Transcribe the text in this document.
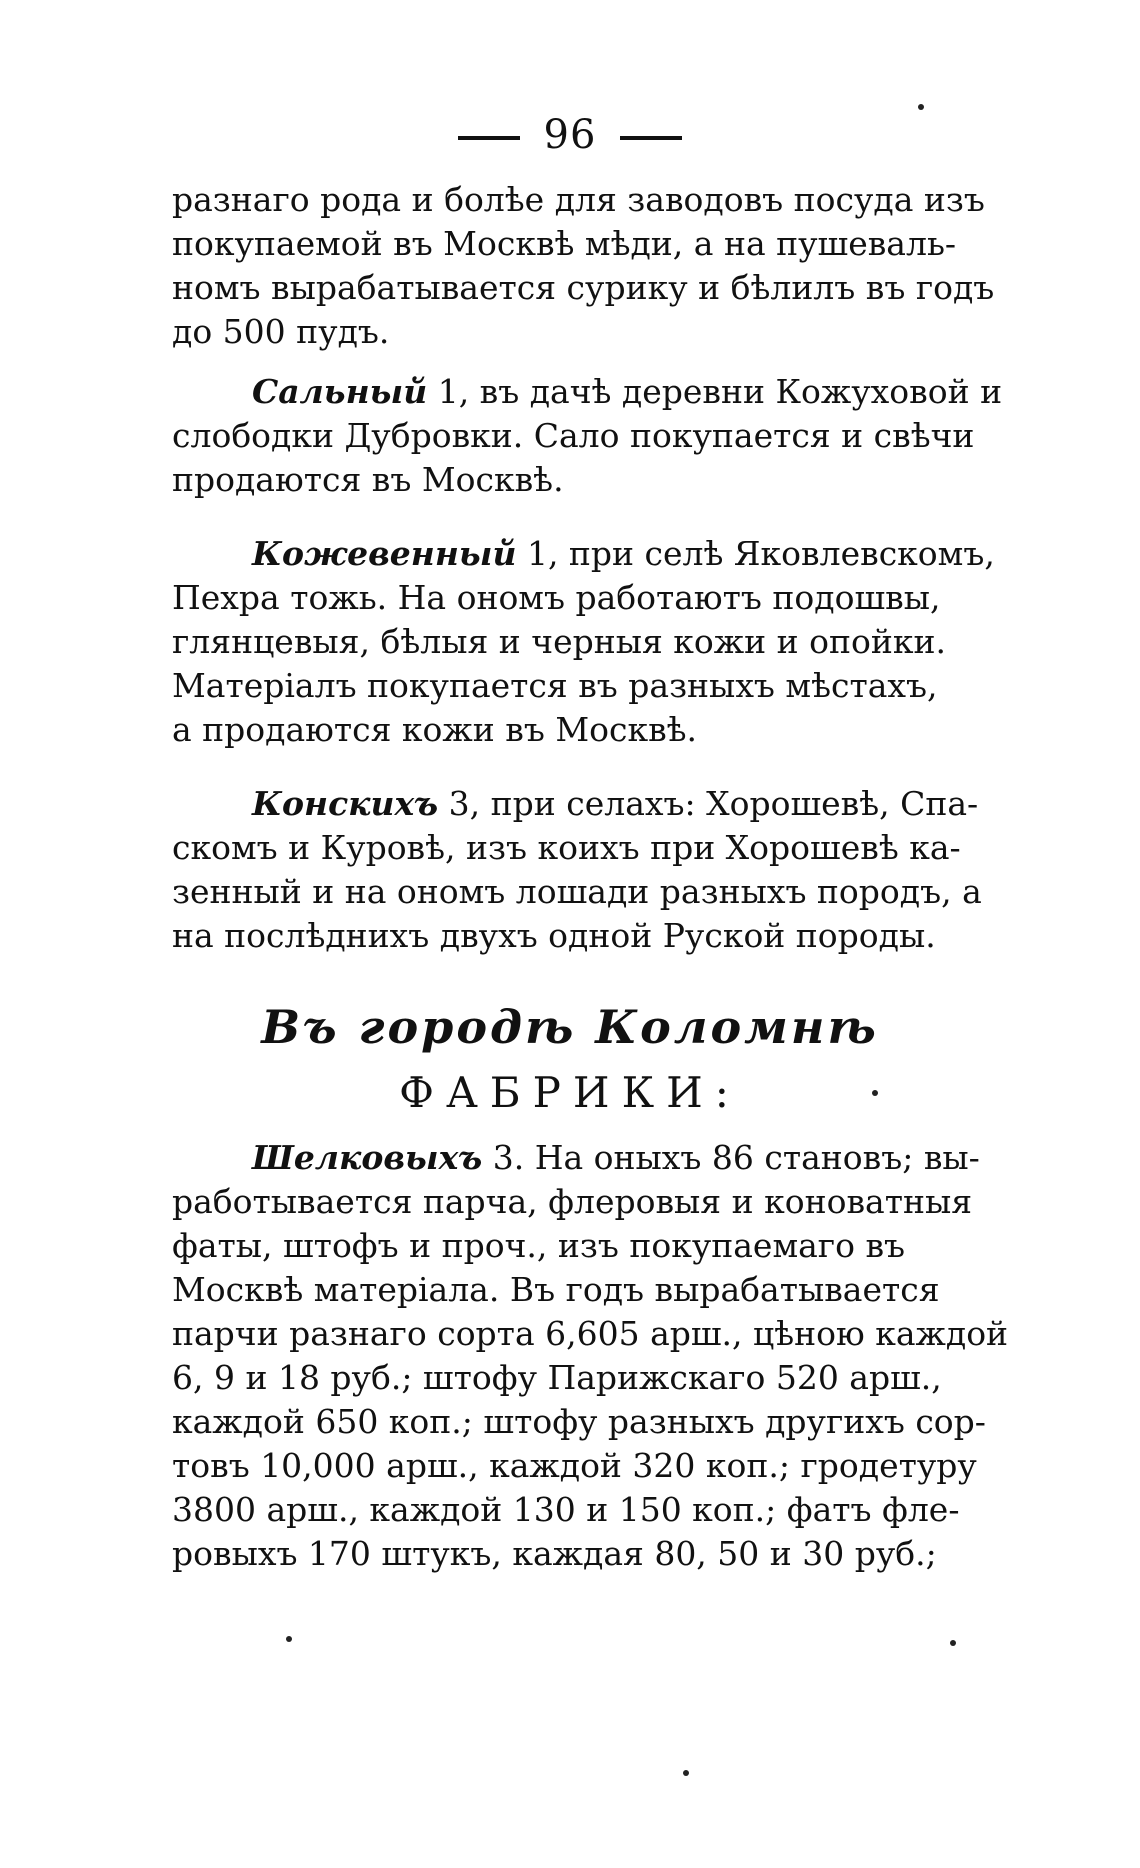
96
разнаго рода и болѣе для заводовъ посуда изъ
покупаемой въ Москвѣ мѣди, а на пушеваль-
номъ вырабатывается сурику и бѣлилъ въ годъ
до 500 пудъ.
Сальный 1, въ дачѣ деревни Кожуховой и
слободки Дубровки. Сало покупается и свѣчи
продаются въ Москвѣ.
Кожевенный 1, при селѣ Яковлевскомъ,
Пехра тожь. На ономъ работаютъ подошвы,
глянцевыя, бѣлыя и черныя кожи и опойки.
Матеріалъ покупается въ разныхъ мѣстахъ,
а продаются кожи въ Москвѣ.
Конскихъ 3, при селахъ: Хорошевѣ, Спа-
скомъ и Куровѣ, изъ коихъ при Хорошевѣ ка-
зенный и на ономъ лошади разныхъ породъ, а
на послѣднихъ двухъ одной Руской породы.
Въ городѣ Коломнѣ
ФАБРИКИ:
Шелковыхъ 3. На оныхъ 86 становъ; вы-
работывается парча, флеровыя и коноватныя
фаты, штофъ и проч., изъ покупаемаго въ
Москвѣ матеріала. Въ годъ вырабатывается
парчи разнаго сорта 6,605 арш., цѣною каждой
6, 9 и 18 руб.; штофу Парижскаго 520 арш.,
каждой 650 коп.; штофу разныхъ другихъ сор-
товъ 10,000 арш., каждой 320 коп.; гродетуру
3800 арш., каждой 130 и 150 коп.; фатъ фле-
ровыхъ 170 штукъ, каждая 80, 50 и 30 руб.;
